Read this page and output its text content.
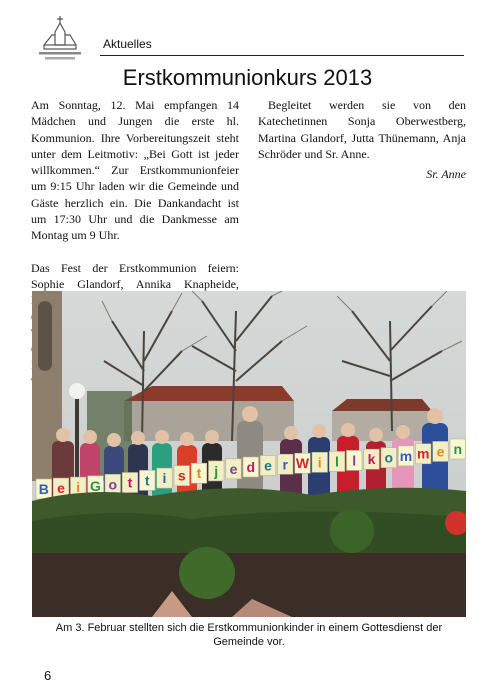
Aktuelles
Erstkommunionkurs 2013

Am Sonntag, 12. Mai empfangen 14 Mädchen und Jungen die erste hl. Kommunion. Ihre Vorbereitungszeit steht unter dem Leitmotiv: „Bei Gott ist jeder willkommen.“ Zur Erstkommunionfeier um 9:15 Uhr laden wir die Gemeinde und Gäste herzlich ein. Die Dankandacht ist um 17:30 Uhr und die Dankmesse am Montag um 9 Uhr.

Das Fest der Erstkommunion feiern: Sophie Glandorf, Annika Knapheide,

Begleitet werden sie von den Katechetinnen Sonja Oberwestberg, Martina Glandorf, Jutta Thünemann, Anja Schröder und Sr. Anne.

Sr. Anne

B e i G o t t i s t j e d e r W i l l k o m m e n
Am 3. Februar stellten sich die Erstkommunionkinder in einem Gottesdienst der Gemeinde vor.
6
